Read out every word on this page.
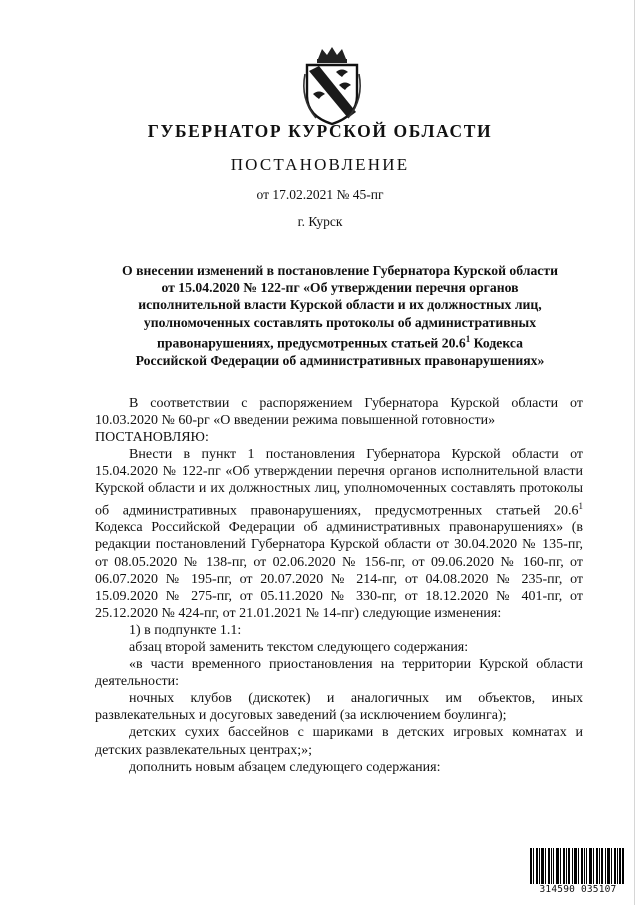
ГУБЕРНАТОР КУРСКОЙ ОБЛАСТИ
ПОСТАНОВЛЕНИЕ
от 17.02.2021 № 45-пг
г. Курск
О внесении изменений в постановление Губернатора Курской области
от 15.04.2020 № 122-пг «Об утверждении перечня органов
исполнительной власти Курской области и их должностных лиц,
уполномоченных составлять протоколы об административных
правонарушениях, предусмотренных статьей 20.6$^1$ Кодекса
Российской Федерации об административных правонарушениях»

В соответствии с распоряжением Губернатора Курской области от 10.03.2020 № 60-рг «О введении режима повышенной готовности»

ПОСТАНОВЛЯЮ:

Внести в пункт 1 постановления Губернатора Курской области от 15.04.2020 № 122-пг «Об утверждении перечня органов исполнительной власти Курской области и их должностных лиц, уполномоченных составлять протоколы об административных правонарушениях, предусмотренных статьей 20.6$^1$ Кодекса Российской Федерации об административных правонарушениях» (в редакции постановлений Губернатора Курской области от 30.04.2020 № 135-пг, от 08.05.2020 № 138-пг, от 02.06.2020 № 156-пг, от 09.06.2020 № 160-пг, от 06.07.2020 № 195-пг, от 20.07.2020 № 214-пг, от 04.08.2020 № 235-пг, от 15.09.2020 № 275-пг, от 05.11.2020 № 330-пг, от 18.12.2020 № 401-пг, от 25.12.2020 № 424-пг, от 21.01.2021 № 14-пг) следующие изменения:

1) в подпункте 1.1:

абзац второй заменить текстом следующего содержания:

«в части временного приостановления на территории Курской области деятельности:

ночных клубов (дискотек) и аналогичных им объектов, иных развлекательных и досуговых заведений (за исключением боулинга);

детских сухих бассейнов с шариками в детских игровых комнатах и детских развлекательных центрах;»;

дополнить новым абзацем следующего содержания:

314590 035107
